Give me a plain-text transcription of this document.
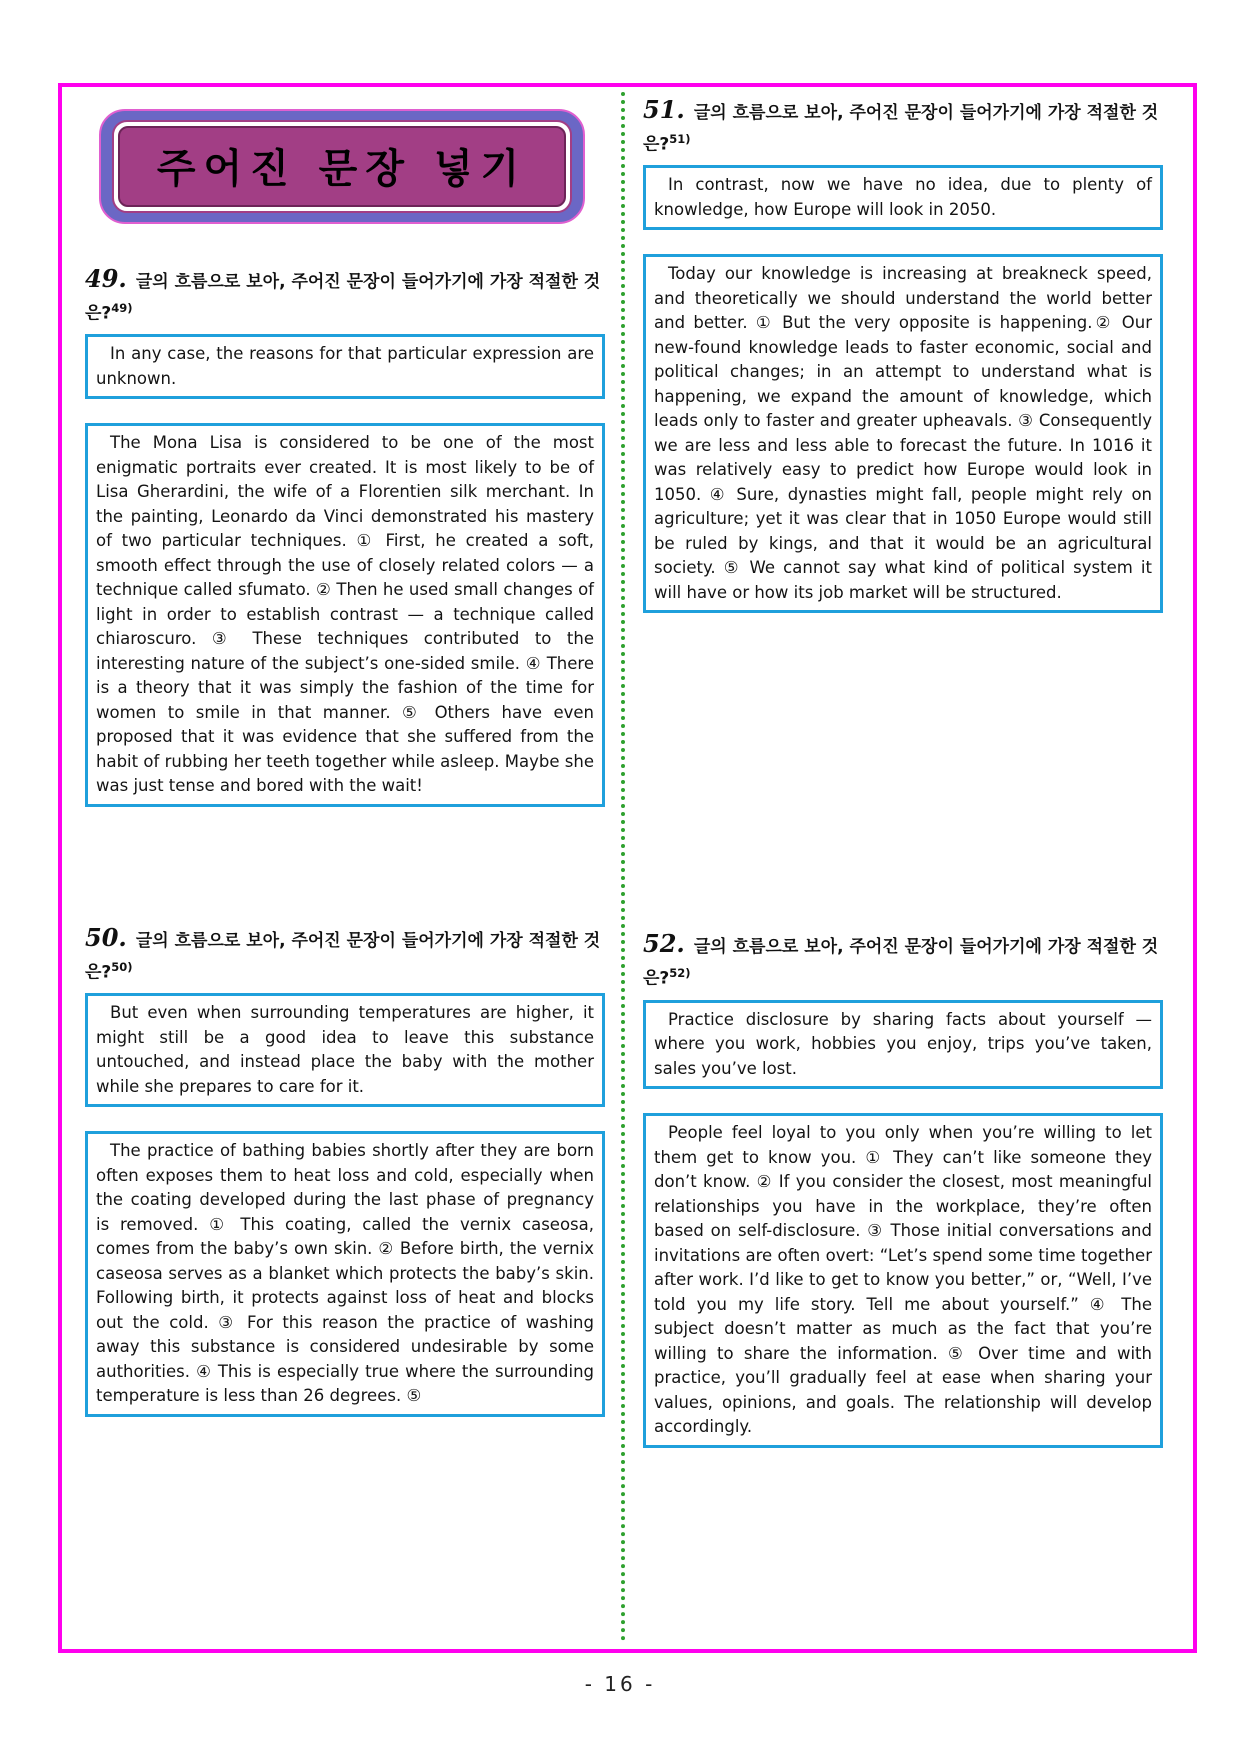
주어진 문장 넣기
49. 글의 흐름으로 보아, 주어진 문장이 들어가기에 가장 적절한 것은?$^{49)}$

In any case, the reasons for that particular expression are unknown.

The Mona Lisa is considered to be one of the most enigmatic portraits ever created. It is most likely to be of Lisa Gherardini, the wife of a Florentien silk merchant. In the painting, Leonardo da Vinci demonstrated his mastery of two particular techniques. ① First, he created a soft, smooth effect through the use of closely related colors — a technique called sfumato. ② Then he used small changes of light in order to establish contrast — a technique called chiaroscuro. ③ These techniques contributed to the interesting nature of the subject’s one-sided smile. ④ There is a theory that it was simply the fashion of the time for women to smile in that manner. ⑤ Others have even proposed that it was evidence that she suffered from the habit of rubbing her teeth together while asleep. Maybe she was just tense and bored with the wait!

50. 글의 흐름으로 보아, 주어진 문장이 들어가기에 가장 적절한 것은?$^{50)}$

But even when surrounding temperatures are higher, it might still be a good idea to leave this substance untouched, and instead place the baby with the mother while she prepares to care for it.

The practice of bathing babies shortly after they are born often exposes them to heat loss and cold, especially when the coating developed during the last phase of pregnancy is removed. ① This coating, called the vernix caseosa, comes from the baby’s own skin. ② Before birth, the vernix caseosa serves as a blanket which protects the baby’s skin. Following birth, it protects against loss of heat and blocks out the cold. ③ For this reason the practice of washing away this substance is considered undesirable by some authorities. ④ This is especially true where the surrounding temperature is less than 26 degrees. ⑤

51. 글의 흐름으로 보아, 주어진 문장이 들어가기에 가장 적절한 것은?$^{51)}$

In contrast, now we have no idea, due to plenty of knowledge, how Europe will look in 2050.

Today our knowledge is increasing at breakneck speed, and theoretically we should understand the world better and better. ① But the very opposite is happening.② Our new-found knowledge leads to faster economic, social and political changes; in an attempt to understand what is happening, we expand the amount of knowledge, which leads only to faster and greater upheavals. ③ Consequently we are less and less able to forecast the future. In 1016 it was relatively easy to predict how Europe would look in 1050. ④ Sure, dynasties might fall, people might rely on agriculture; yet it was clear that in 1050 Europe would still be ruled by kings, and that it would be an agricultural society. ⑤ We cannot say what kind of political system it will have or how its job market will be structured.

52. 글의 흐름으로 보아, 주어진 문장이 들어가기에 가장 적절한 것은?$^{52)}$

Practice disclosure by sharing facts about yourself — where you work, hobbies you enjoy, trips you’ve taken, sales you’ve lost.

People feel loyal to you only when you’re willing to let them get to know you. ① They can’t like someone they don’t know. ② If you consider the closest, most meaningful relationships you have in the workplace, they’re often based on self-disclosure. ③ Those initial conversations and invitations are often overt: “Let’s spend some time together after work. I’d like to get to know you better,” or, “Well, I’ve told you my life story. Tell me about yourself.” ④ The subject doesn’t matter as much as the fact that you’re willing to share the information. ⑤ Over time and with practice, you’ll gradually feel at ease when sharing your values, opinions, and goals. The relationship will develop accordingly.

- 16 -
